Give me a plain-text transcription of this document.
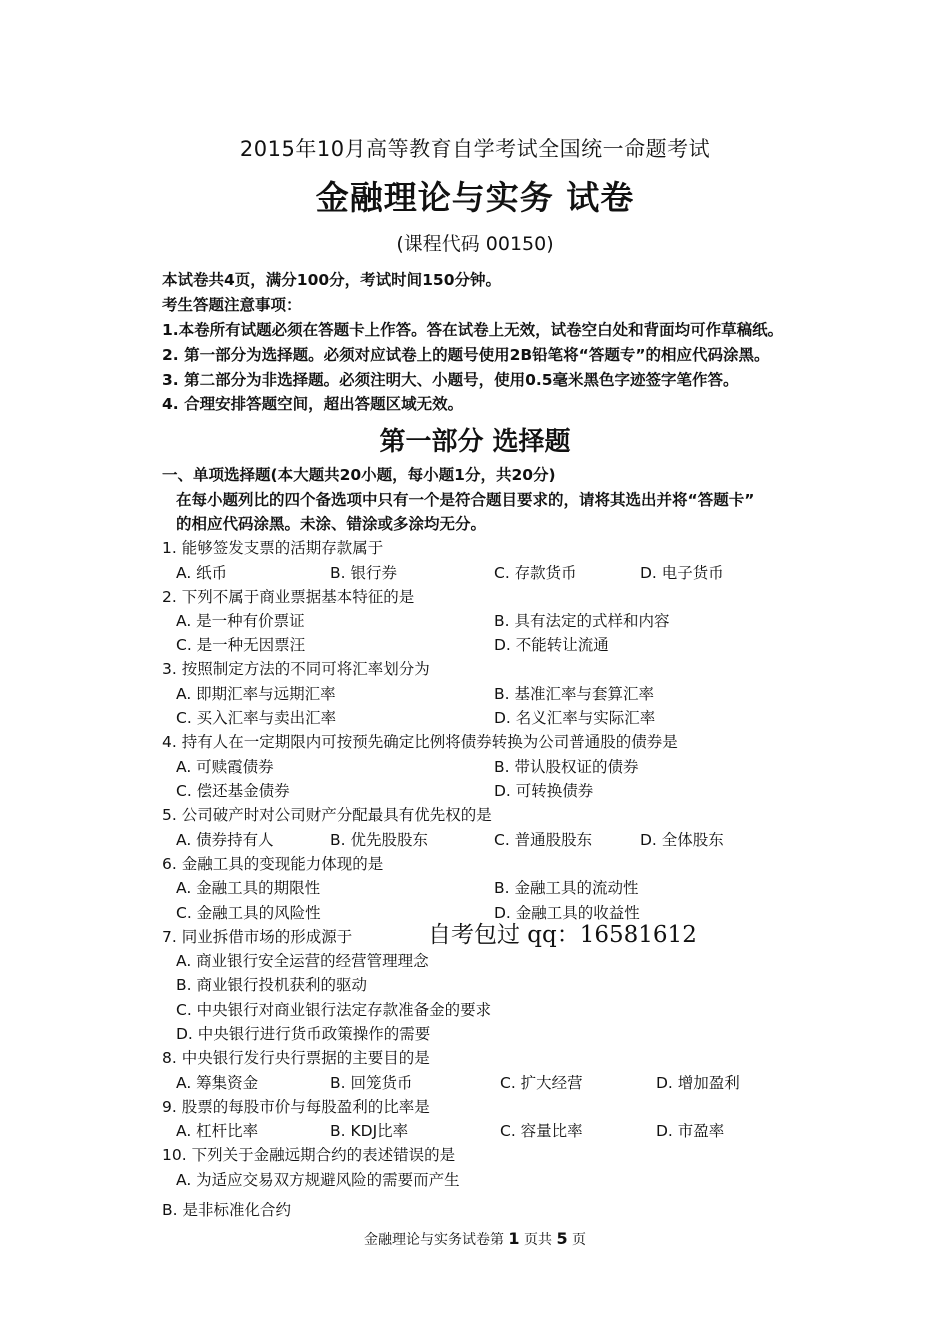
2015年10月高等教育自学考试全国统一命题考试
金融理论与实务 试卷
(课程代码 00150)
本试卷共4页，满分100分，考试时间150分钟。
考生答题注意事项：
1.本卷所有试题必须在答题卡上作答。答在试卷上无效，试卷空白处和背面均可作草稿纸。
2. 第一部分为选择题。必须对应试卷上的题号使用2B铅笔将“答题专”的相应代码涂黑。
3. 第二部分为非选择题。必须注明大、小题号，使用0.5毫米黑色字迹签字笔作答。
4. 合理安排答题空间，超出答题区域无效。
第一部分 选择题
一、单项选择题(本大题共20小题，每小题1分，共20分)
在每小题列比的四个备选项中只有一个是符合题目要求的，请将其选出并将“答题卡”
的相应代码涂黑。未涂、错涂或多涂均无分。
1. 能够签发支票的活期存款属于
A. 纸币	B. 银行券	C. 存款货币	D. 电子货币
2. 下列不属于商业票据基本特征的是
A. 是一种有价票证	B. 具有法定的式样和内容
C. 是一种无因票汪	D. 不能转让流通
3. 按照制定方法的不同可将汇率划分为
A. 即期汇率与远期汇率	B. 基准汇率与套算汇率
C. 买入汇率与卖出汇率	D. 名义汇率与实际汇率
4. 持有人在一定期限内可按预先确定比例将债券转换为公司普通股的债券是
A. 可赎霞债券	B. 带认股权证的债券
C. 偿还基金债券	D. 可转换债券
5. 公司破产时对公司财产分配最具有优先权的是
A. 债券持有人	B. 优先股股东	C. 普通股股东	D. 全体股东
6. 金融工具的变现能力体现的是
A. 金融工具的期限性	B. 金融工具的流动性
C. 金融工具的风险性	D. 金融工具的收益性
7. 同业拆借市场的形成源于
A. 商业银行安全运营的经营管理理念
B. 商业银行投机获利的驱动
C. 中央银行对商业银行法定存款准备金的要求
D. 中央银行进行货币政策操作的需要
自考包过 qq：16581612
8. 中央银行发行央行票据的主要目的是
A. 筹集资金	B. 回笼货币	C. 扩大经营	D. 增加盈利
9. 股票的每股市价与每股盈利的比率是
A. 杠杆比率	B. KDJ比率	C. 容量比率	D. 市盈率
10. 下列关于金融远期合约的表述错误的是
A. 为适应交易双方规避风险的需要而产生
B. 是非标准化合约
金融理论与实务试卷第 1 页共 5 页
